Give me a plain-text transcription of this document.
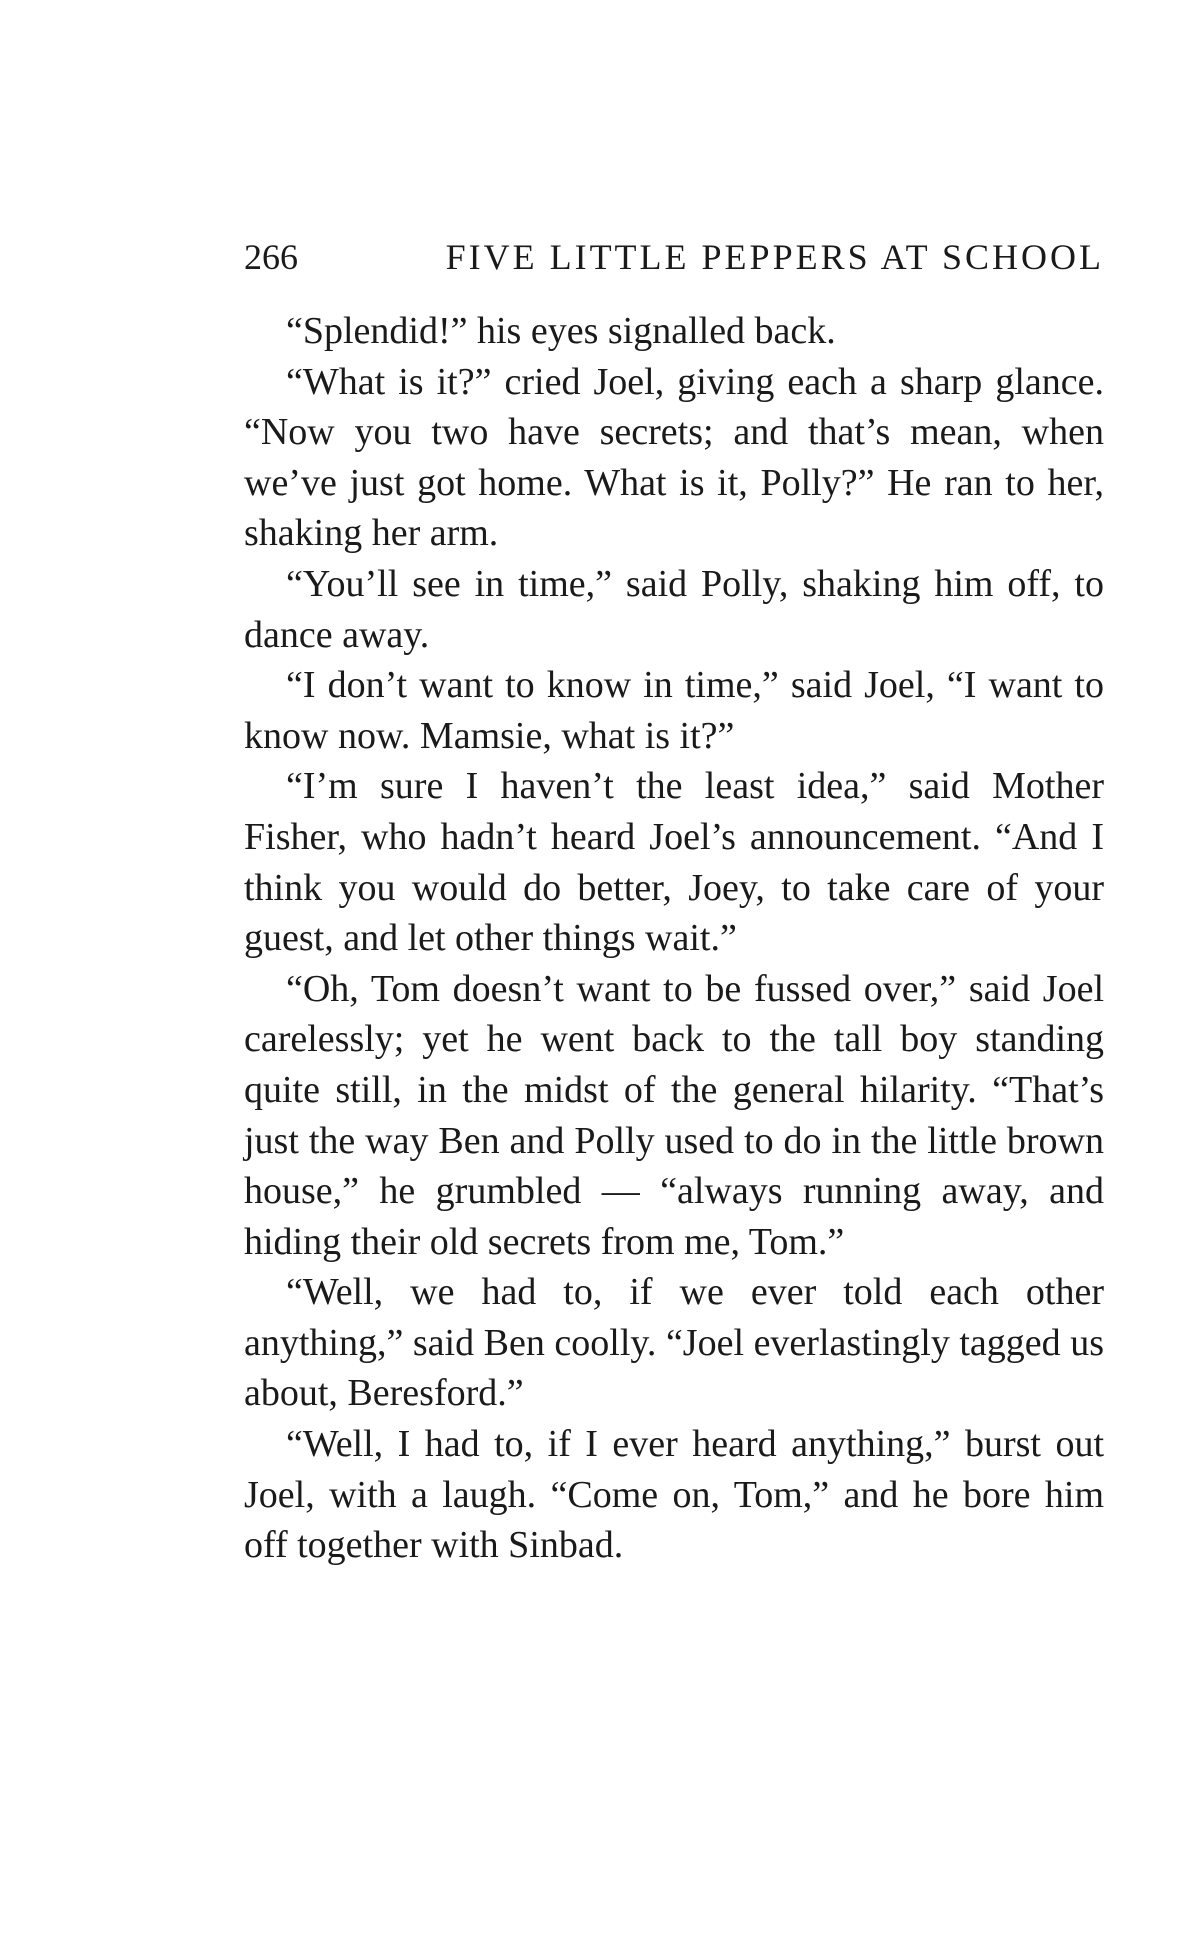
266	FIVE LITTLE PEPPERS AT SCHOOL

“Splendid!” his eyes signalled back.

“What is it?” cried Joel, giving each a sharp glance. “Now you two have secrets; and that’s mean, when we’ve just got home. What is it, Polly?” He ran to her, shaking her arm.

“You’ll see in time,” said Polly, shaking him off, to dance away.

“I don’t want to know in time,” said Joel, “I want to know now. Mamsie, what is it?”

“I’m sure I haven’t the least idea,” said Mother Fisher, who hadn’t heard Joel’s announcement. “And I think you would do better, Joey, to take care of your guest, and let other things wait.”

“Oh, Tom doesn’t want to be fussed over,” said Joel carelessly; yet he went back to the tall boy standing quite still, in the midst of the general hilarity. “That’s just the way Ben and Polly used to do in the little brown house,” he grumbled — “always running away, and hiding their old secrets from me, Tom.”

“Well, we had to, if we ever told each other anything,” said Ben coolly. “Joel everlastingly tagged us about, Beresford.”

“Well, I had to, if I ever heard anything,” burst out Joel, with a laugh. “Come on, Tom,” and he bore him off together with Sinbad.
